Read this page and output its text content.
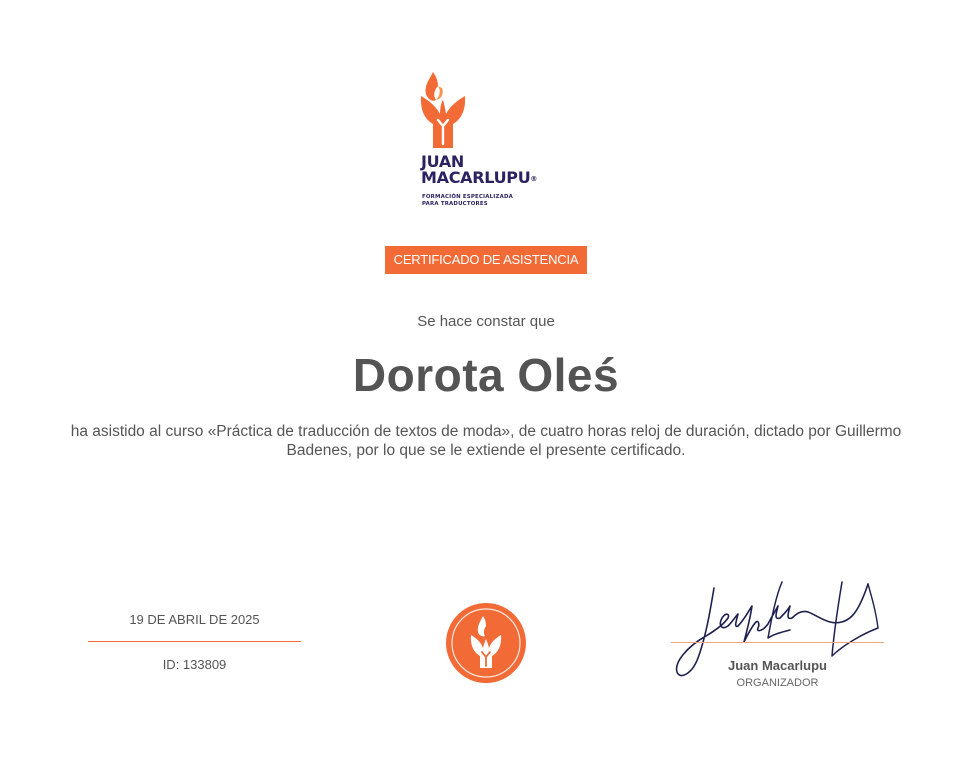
JUAN
MACARLUPU®
FORMACIÓN ESPECIALIZADA
PARA TRADUCTORES
CERTIFICADO DE ASISTENCIA
Se hace constar que
Dorota Oleś
ha asistido al curso «Práctica de traducción de textos de moda», de cuatro horas reloj de duración, dictado por Guillermo Badenes, por lo que se le extiende el presente certificado.
19 DE ABRIL DE 2025
ID: 133809	Juan Macarlupu
ORGANIZADOR
